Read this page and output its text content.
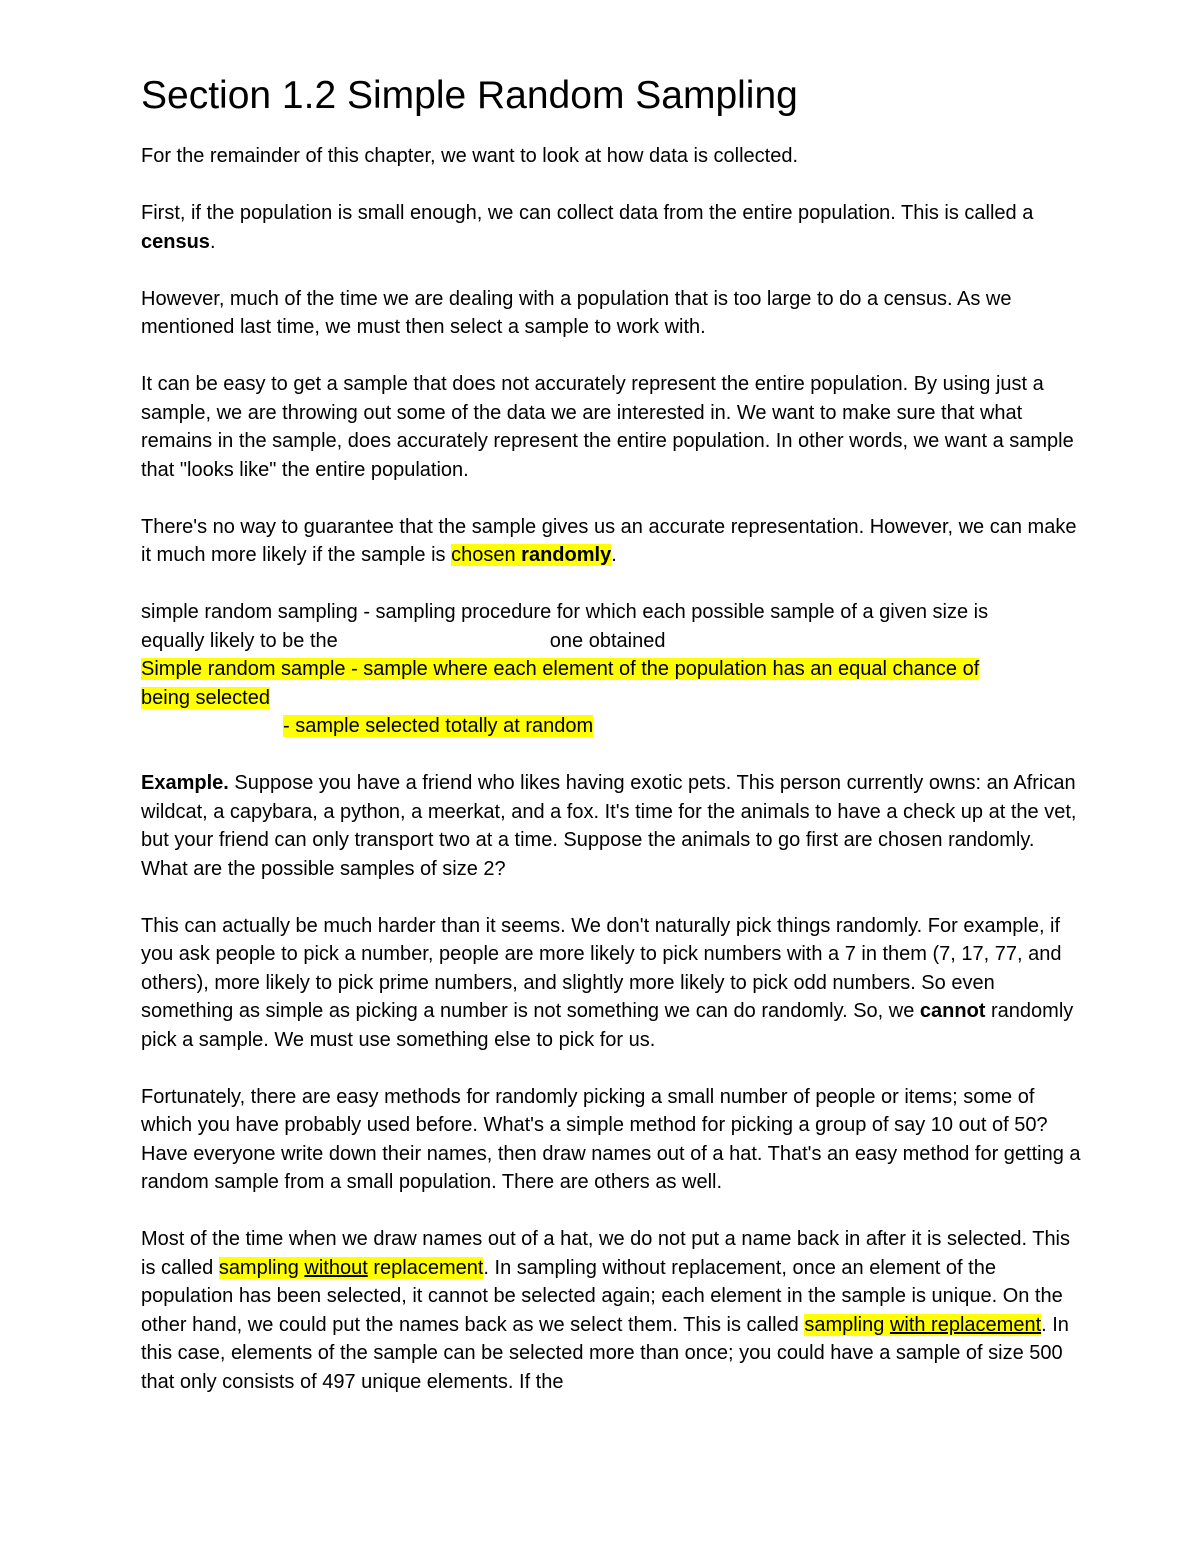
Section 1.2 Simple Random Sampling

For the remainder of this chapter, we want to look at how data is collected.

First, if the population is small enough, we can collect data from the entire population. This is called a census.

However, much of the time we are dealing with a population that is too large to do a census. As we mentioned last time, we must then select a sample to work with.

It can be easy to get a sample that does not accurately represent the entire population. By using just a sample, we are throwing out some of the data we are interested in. We want to make sure that what remains in the sample, does accurately represent the entire population. In other words, we want a sample that "looks like" the entire population.

There's no way to guarantee that the sample gives us an accurate representation. However, we can make it much more likely if the sample is chosen randomly.

simple random sampling - sampling procedure for which each possible sample of a given size is
equally likely to be the	one obtained
Simple random sample - sample where each element of the population has an equal chance of
being selected
- sample selected totally at random

Example. Suppose you have a friend who likes having exotic pets. This person currently owns: an African wildcat, a capybara, a python, a meerkat, and a fox. It's time for the animals to have a check up at the vet, but your friend can only transport two at a time. Suppose the animals to go first are chosen randomly. What are the possible samples of size 2?

This can actually be much harder than it seems. We don't naturally pick things randomly. For example, if you ask people to pick a number, people are more likely to pick numbers with a 7 in them (7, 17, 77, and others), more likely to pick prime numbers, and slightly more likely to pick odd numbers. So even something as simple as picking a number is not something we can do randomly. So, we cannot randomly pick a sample. We must use something else to pick for us.

Fortunately, there are easy methods for randomly picking a small number of people or items; some of which you have probably used before. What's a simple method for picking a group of say 10 out of 50? Have everyone write down their names, then draw names out of a hat. That's an easy method for getting a random sample from a small population. There are others as well.

Most of the time when we draw names out of a hat, we do not put a name back in after it is selected. This is called sampling without replacement. In sampling without replacement, once an element of the population has been selected, it cannot be selected again; each element in the sample is unique. On the other hand, we could put the names back as we select them. This is called sampling with replacement. In this case, elements of the sample can be selected more than once; you could have a sample of size 500 that only consists of 497 unique elements. If the
